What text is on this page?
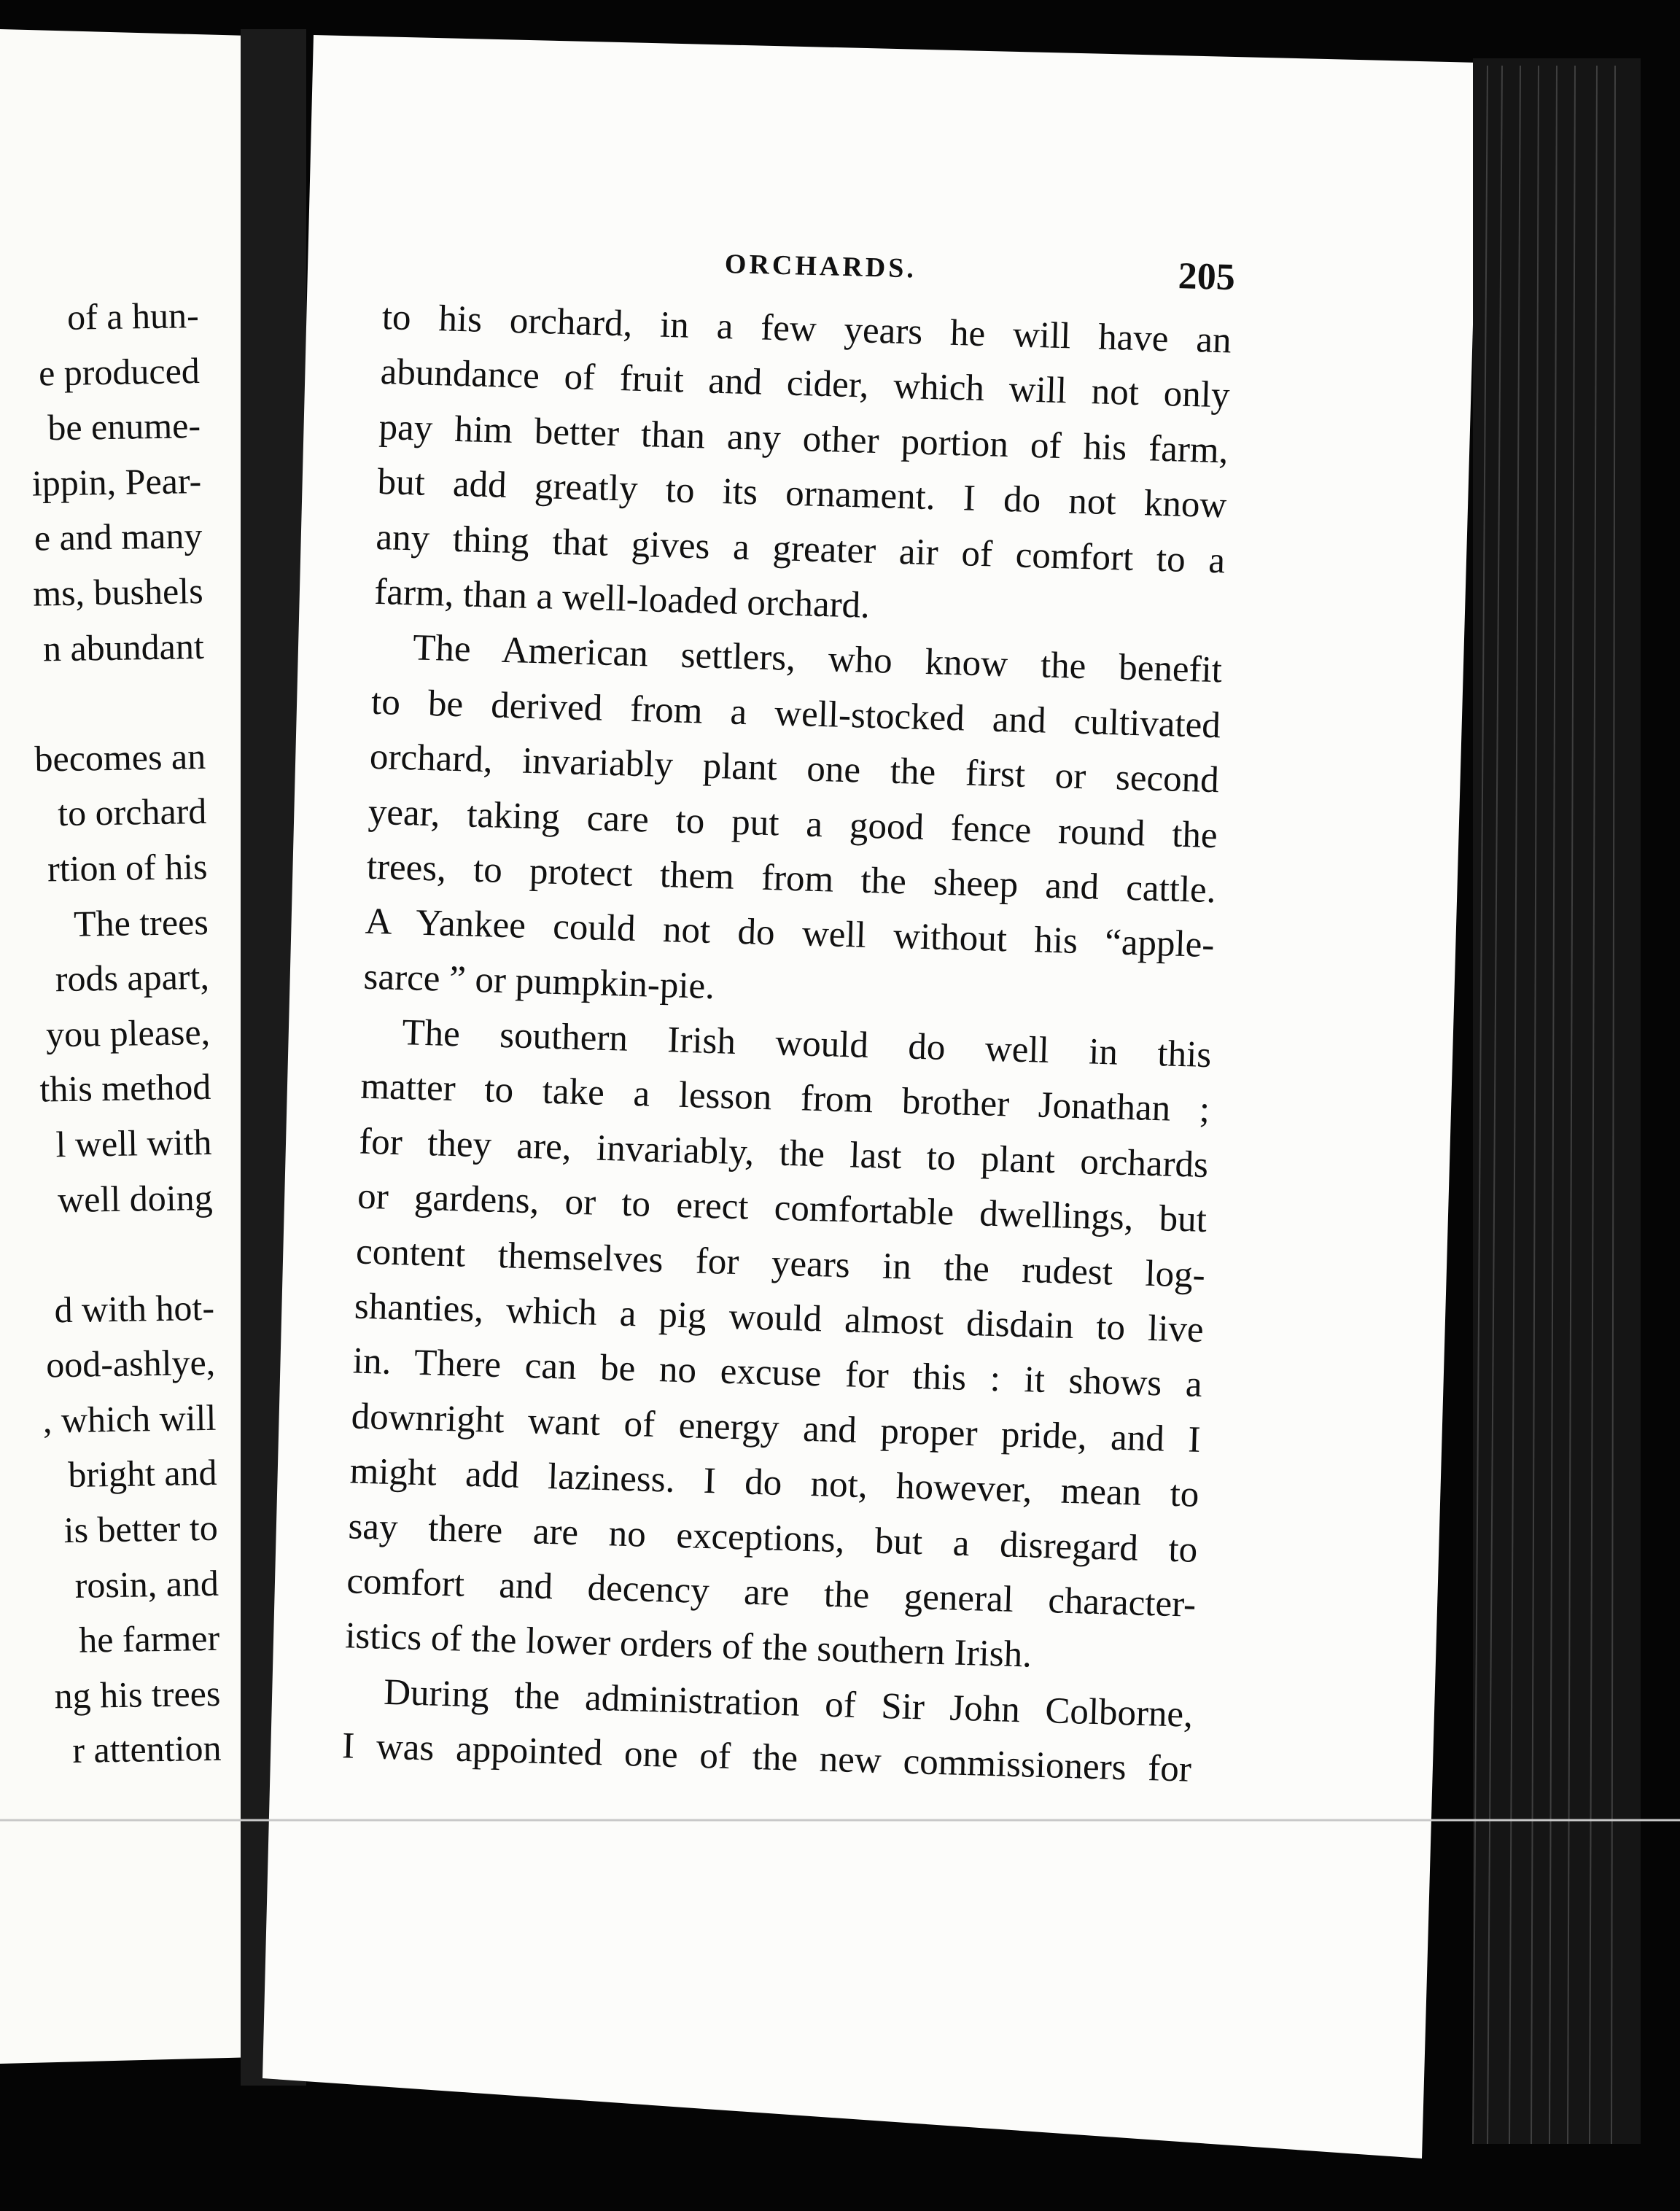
of a hun-
e produced
be enume-
ippin, Pear-
e and many
ms, bushels
n abundant
becomes an
to orchard
rtion of his
The trees
rods apart,
you please,
this method
l well with
well doing
d with hot-
ood-ashlye,
, which will
bright and
is better to
rosin, and
he farmer
ng his trees
r attention
ORCHARDS.	205
to his orchard, in a few years he will have an
abundance of fruit and cider, which will not only
pay him better than any other portion of his farm,
but add greatly to its ornament. I do not know
any thing that gives a greater air of comfort to a
farm, than a well-loaded orchard.
The American settlers, who know the benefit
to be derived from a well-stocked and cultivated
orchard, invariably plant one the first or second
year, taking care to put a good fence round the
trees, to protect them from the sheep and cattle.
A Yankee could not do well without his “apple-
sarce ” or pumpkin-pie.
The southern Irish would do well in this
matter to take a lesson from brother Jonathan ;
for they are, invariably, the last to plant orchards
or gardens, or to erect comfortable dwellings, but
content themselves for years in the rudest log-
shanties, which a pig would almost disdain to live
in. There can be no excuse for this : it shows a
downright want of energy and proper pride, and I
might add laziness. I do not, however, mean to
say there are no exceptions, but a disregard to
comfort and decency are the general character-
istics of the lower orders of the southern Irish.
During the administration of Sir John Colborne,
I was appointed one of the new commissioners for
